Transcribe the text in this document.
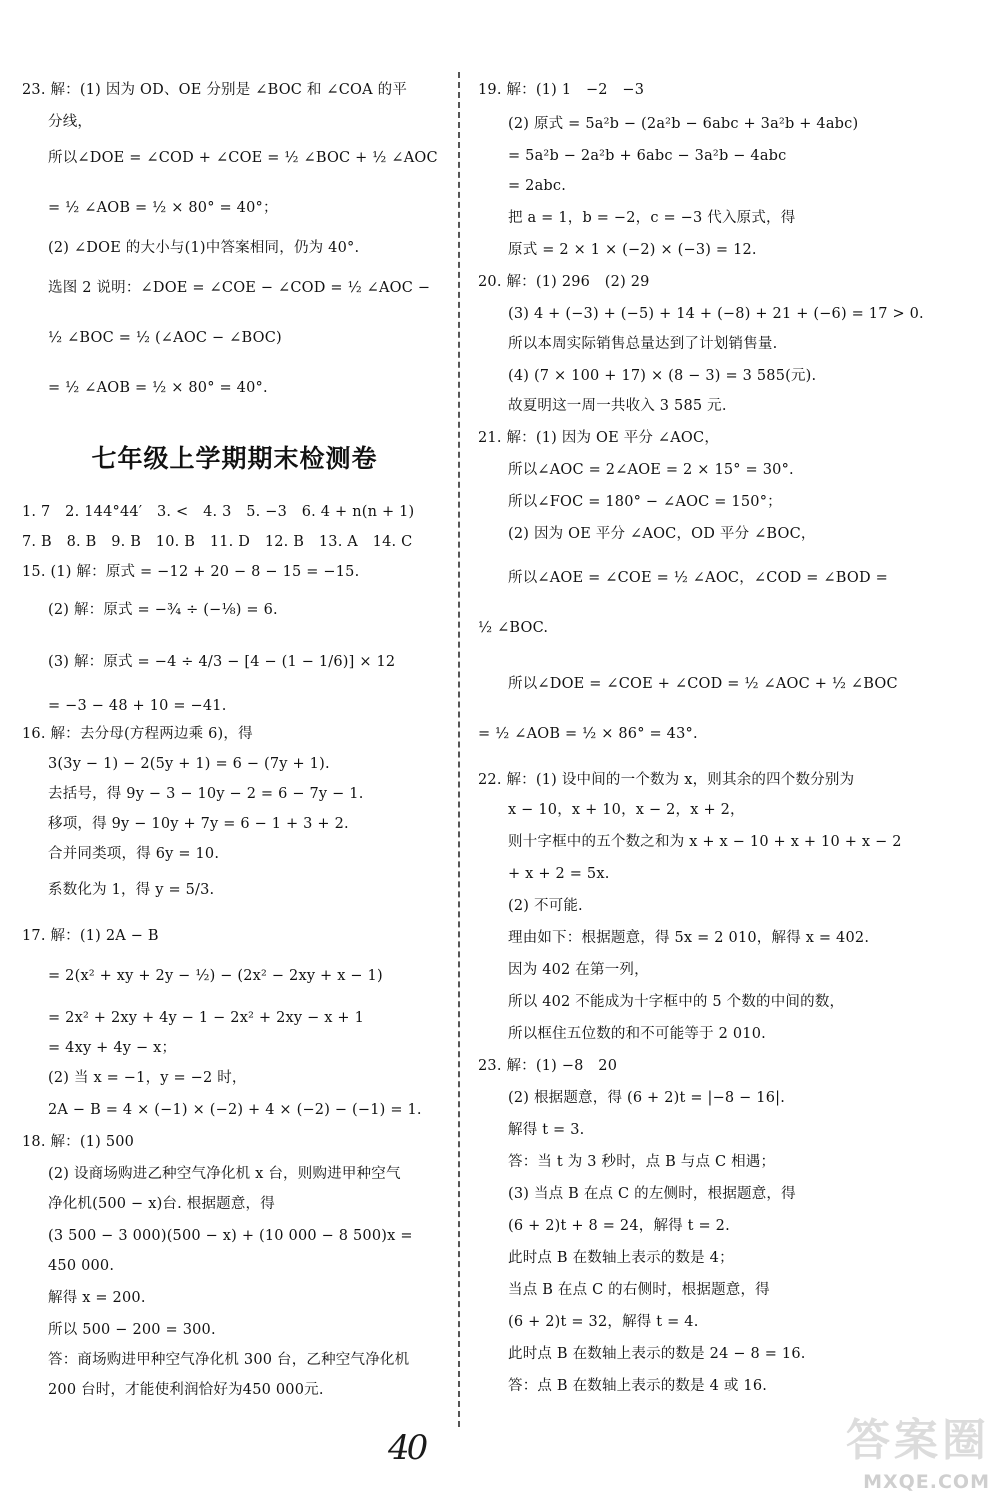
23. 解：(1) 因为 OD、OE 分别是 ∠BOC 和 ∠COA 的平
分线，
所以∠DOE = ∠COD + ∠COE = ½ ∠BOC + ½ ∠AOC
= ½ ∠AOB = ½ × 80° = 40°；
(2) ∠DOE 的大小与(1)中答案相同，仍为 40°.
选图 2 说明：∠DOE = ∠COE − ∠COD = ½ ∠AOC −
½ ∠BOC = ½ (∠AOC − ∠BOC)
= ½ ∠AOB = ½ × 80° = 40°.
七年级上学期期末检测卷
1. 7　2. 144°44′　3. <　4. 3　5. −3　6. 4 + n(n + 1)
7. B　8. B　9. B　10. B　11. D　12. B　13. A　14. C
15. (1) 解：原式 = −12 + 20 − 8 − 15 = −15.
(2) 解：原式 = −¾ ÷ (−⅛) = 6.
(3) 解：原式 = −4 ÷ 4/3 − [4 − (1 − 1/6)] × 12
= −3 − 48 + 10 = −41.
16. 解：去分母(方程两边乘 6)，得
3(3y − 1) − 2(5y + 1) = 6 − (7y + 1).
去括号，得 9y − 3 − 10y − 2 = 6 − 7y − 1.
移项，得 9y − 10y + 7y = 6 − 1 + 3 + 2.
合并同类项，得 6y = 10.
系数化为 1，得 y = 5/3.
17. 解：(1) 2A − B
= 2(x² + xy + 2y − ½) − (2x² − 2xy + x − 1)
= 2x² + 2xy + 4y − 1 − 2x² + 2xy − x + 1
= 4xy + 4y − x；
(2) 当 x = −1，y = −2 时，
2A − B = 4 × (−1) × (−2) + 4 × (−2) − (−1) = 1.
18. 解：(1) 500
(2) 设商场购进乙种空气净化机 x 台，则购进甲种空气
净化机(500 − x)台. 根据题意，得
(3 500 − 3 000)(500 − x) + (10 000 − 8 500)x =
450 000.
解得 x = 200.
所以 500 − 200 = 300.
答：商场购进甲种空气净化机 300 台，乙种空气净化机
200 台时，才能使利润恰好为450 000元.
19. 解：(1) 1　−2　−3
(2) 原式 = 5a²b − (2a²b − 6abc + 3a²b + 4abc)
= 5a²b − 2a²b + 6abc − 3a²b − 4abc
= 2abc.
把 a = 1，b = −2，c = −3 代入原式，得
原式 = 2 × 1 × (−2) × (−3) = 12.
20. 解：(1) 296　(2) 29
(3) 4 + (−3) + (−5) + 14 + (−8) + 21 + (−6) = 17 > 0.
所以本周实际销售总量达到了计划销售量.
(4) (7 × 100 + 17) × (8 − 3) = 3 585(元).
故夏明这一周一共收入 3 585 元.
21. 解：(1) 因为 OE 平分 ∠AOC，
所以∠AOC = 2∠AOE = 2 × 15° = 30°.
所以∠FOC = 180° − ∠AOC = 150°；
(2) 因为 OE 平分 ∠AOC，OD 平分 ∠BOC，
所以∠AOE = ∠COE = ½ ∠AOC，∠COD = ∠BOD =
½ ∠BOC.
所以∠DOE = ∠COE + ∠COD = ½ ∠AOC + ½ ∠BOC
= ½ ∠AOB = ½ × 86° = 43°.
22. 解：(1) 设中间的一个数为 x，则其余的四个数分别为
x − 10，x + 10，x − 2，x + 2，
则十字框中的五个数之和为 x + x − 10 + x + 10 + x − 2
+ x + 2 = 5x.
(2) 不可能.
理由如下：根据题意，得 5x = 2 010，解得 x = 402.
因为 402 在第一列，
所以 402 不能成为十字框中的 5 个数的中间的数，
所以框住五位数的和不可能等于 2 010.
23. 解：(1) −8　20
(2) 根据题意，得 (6 + 2)t = |−8 − 16|.
解得 t = 3.
答：当 t 为 3 秒时，点 B 与点 C 相遇；
(3) 当点 B 在点 C 的左侧时，根据题意，得
(6 + 2)t + 8 = 24，解得 t = 2.
此时点 B 在数轴上表示的数是 4；
当点 B 在点 C 的右侧时，根据题意，得
(6 + 2)t = 32，解得 t = 4.
此时点 B 在数轴上表示的数是 24 − 8 = 16.
答：点 B 在数轴上表示的数是 4 或 16.
40	答案圈
MXQE.COM
